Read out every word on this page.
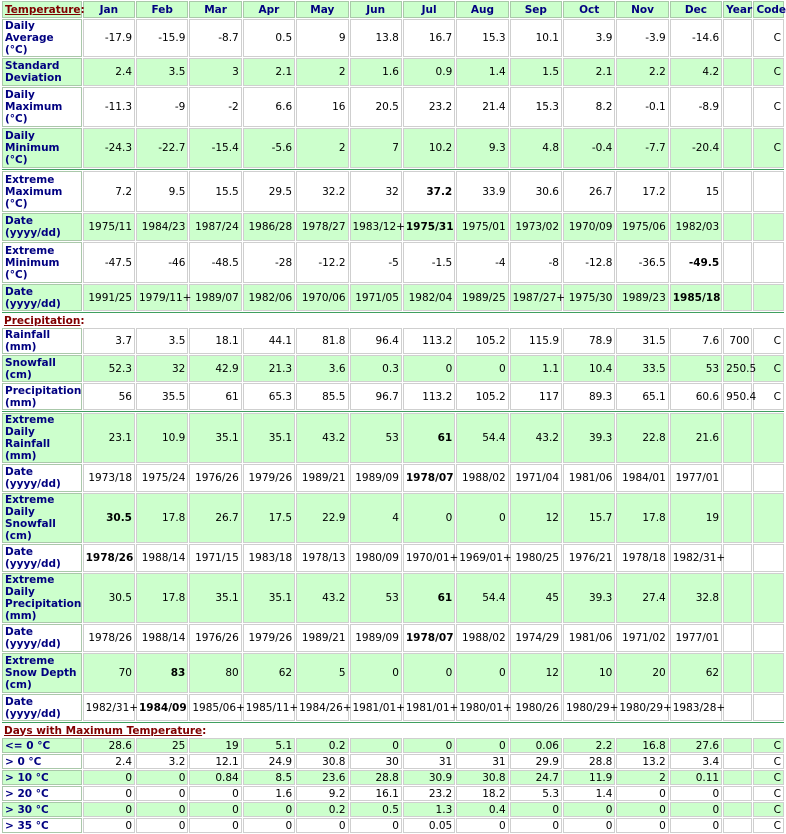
Temperature:	Jan	Feb	Mar	Apr	May	Jun	Jul	Aug	Sep	Oct	Nov	Dec	Year	Code
Daily Average (°C)	-17.9	-15.9	-8.7	0.5	9	13.8	16.7	15.3	10.1	3.9	-3.9	-14.6		C
Standard Deviation	2.4	3.5	3	2.1	2	1.6	0.9	1.4	1.5	2.1	2.2	4.2		C
Daily Maximum (°C)	-11.3	-9	-2	6.6	16	20.5	23.2	21.4	15.3	8.2	-0.1	-8.9		C
Daily Minimum (°C)	-24.3	-22.7	-15.4	-5.6	2	7	10.2	9.3	4.8	-0.4	-7.7	-20.4		C

Extreme Maximum (°C)	7.2	9.5	15.5	29.5	32.2	32	37.2	33.9	30.6	26.7	17.2	15		
Date (yyyy/dd)	1975/11	1984/23	1987/24	1986/28	1978/27	1983/12+	1975/31	1975/01	1973/02	1970/09	1975/06	1982/03		
Extreme Minimum (°C)	-47.5	-46	-48.5	-28	-12.2	-5	-1.5	-4	-8	-12.8	-36.5	-49.5		
Date (yyyy/dd)	1991/25	1979/11+	1989/07	1982/06	1970/06	1971/05	1982/04	1989/25	1987/27+	1975/30	1989/23	1985/18		

Precipitation:														
Rainfall (mm)	3.7	3.5	18.1	44.1	81.8	96.4	113.2	105.2	115.9	78.9	31.5	7.6	700	C
Snowfall (cm)	52.3	32	42.9	21.3	3.6	0.3	0	0	1.1	10.4	33.5	53	250.5	C
Precipitation (mm)	56	35.5	61	65.3	85.5	96.7	113.2	105.2	117	89.3	65.1	60.6	950.4	C

Extreme Daily Rainfall (mm)	23.1	10.9	35.1	35.1	43.2	53	61	54.4	43.2	39.3	22.8	21.6		
Date (yyyy/dd)	1973/18	1975/24	1976/26	1979/26	1989/21	1989/09	1978/07	1988/02	1971/04	1981/06	1984/01	1977/01		
Extreme Daily Snowfall (cm)	30.5	17.8	26.7	17.5	22.9	4	0	0	12	15.7	17.8	19		
Date (yyyy/dd)	1978/26	1988/14	1971/15	1983/18	1978/13	1980/09	1970/01+	1969/01+	1980/25	1976/21	1978/18	1982/31+		
Extreme Daily Precipitation (mm)	30.5	17.8	35.1	35.1	43.2	53	61	54.4	45	39.3	27.4	32.8		
Date (yyyy/dd)	1978/26	1988/14	1976/26	1979/26	1989/21	1989/09	1978/07	1988/02	1974/29	1981/06	1971/02	1977/01		
Extreme Snow Depth (cm)	70	83	80	62	5	0	0	0	12	10	20	62		
Date (yyyy/dd)	1982/31+	1984/09	1985/06+	1985/11+	1984/26+	1981/01+	1981/01+	1980/01+	1980/26	1980/29+	1980/29+	1983/28+		

Days with Maximum Temperature:														
<= 0 °C	28.6	25	19	5.1	0.2	0	0	0	0.06	2.2	16.8	27.6		C
> 0 °C	2.4	3.2	12.1	24.9	30.8	30	31	31	29.9	28.8	13.2	3.4		C
> 10 °C	0	0	0.84	8.5	23.6	28.8	30.9	30.8	24.7	11.9	2	0.11		C
> 20 °C	0	0	0	1.6	9.2	16.1	23.2	18.2	5.3	1.4	0	0		C
> 30 °C	0	0	0	0	0.2	0.5	1.3	0.4	0	0	0	0		C
> 35 °C	0	0	0	0	0	0	0.05	0	0	0	0	0		C
